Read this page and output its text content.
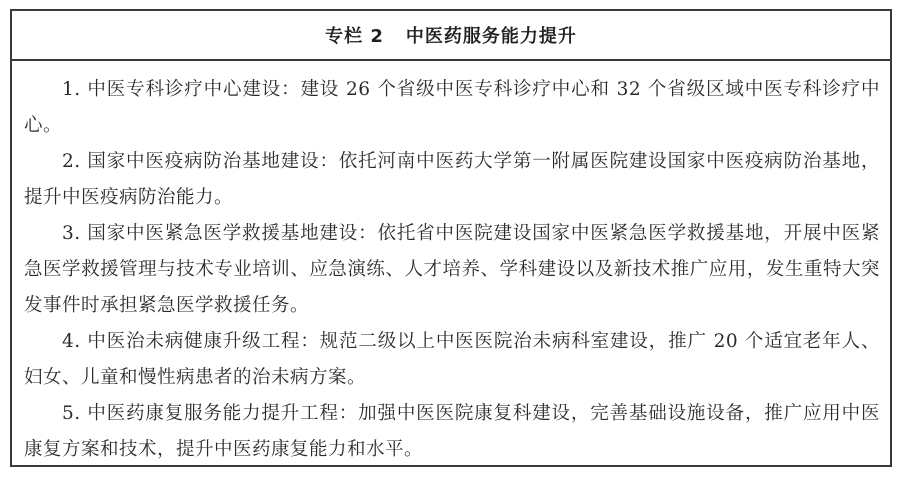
专栏 2 中医药服务能力提升

1. 中医专科诊疗中心建设：建设 26 个省级中医专科诊疗中心和 32 个省级区域中医专科诊疗中心。

2. 国家中医疫病防治基地建设：依托河南中医药大学第一附属医院建设国家中医疫病防治基地，提升中医疫病防治能力。

3. 国家中医紧急医学救援基地建设：依托省中医院建设国家中医紧急医学救援基地，开展中医紧急医学救援管理与技术专业培训、应急演练、人才培养、学科建设以及新技术推广应用，发生重特大突发事件时承担紧急医学救援任务。

4. 中医治未病健康升级工程：规范二级以上中医医院治未病科室建设，推广 20 个适宜老年人、妇女、儿童和慢性病患者的治未病方案。

5. 中医药康复服务能力提升工程：加强中医医院康复科建设，完善基础设施设备，推广应用中医康复方案和技术，提升中医药康复能力和水平。
